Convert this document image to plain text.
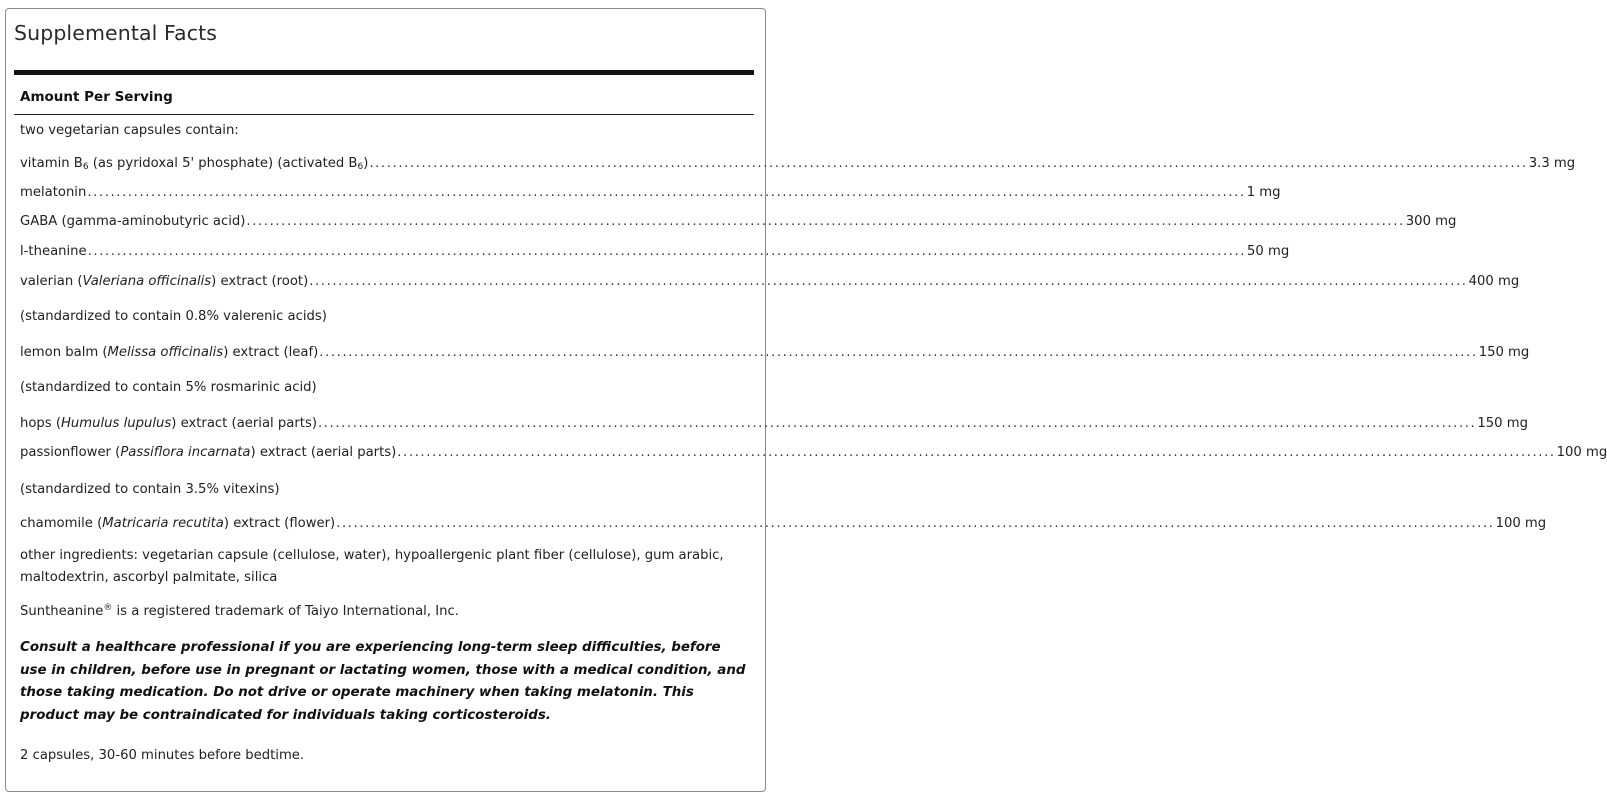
Supplemental Facts
Amount Per Serving
two vegetarian capsules contain:
vitamin $B_6$ (as pyridoxal 5' phosphate) (activated $B_6$) ........................................................................................................................................................................................................ 3.3 mg
melatonin ........................................................................................................................................................................................................ 1 mg
GABA (gamma-aminobutyric acid) ........................................................................................................................................................................................................ 300 mg
l-theanine ........................................................................................................................................................................................................ 50 mg
valerian (Valeriana officinalis) extract (root) ........................................................................................................................................................................................................ 400 mg
(standardized to contain 0.8% valerenic acids)
lemon balm (Melissa officinalis) extract (leaf) ........................................................................................................................................................................................................ 150 mg
(standardized to contain 5% rosmarinic acid)
hops (Humulus lupulus) extract (aerial parts) ........................................................................................................................................................................................................ 150 mg
passionflower (Passiflora incarnata) extract (aerial parts) ........................................................................................................................................................................................................ 100 mg
(standardized to contain 3.5% vitexins)
chamomile (Matricaria recutita) extract (flower) ........................................................................................................................................................................................................ 100 mg
other ingredients: vegetarian capsule (cellulose, water), hypoallergenic plant fiber (cellulose), gum arabic, maltodextrin, ascorbyl palmitate, silica
Suntheanine® is a registered trademark of Taiyo International, Inc.
Consult a healthcare professional if you are experiencing long-term sleep difficulties, before use in children, before use in pregnant or lactating women, those with a medical condition, and those taking medication. Do not drive or operate machinery when taking melatonin. This product may be contraindicated for individuals taking corticosteroids.
2 capsules, 30-60 minutes before bedtime.
